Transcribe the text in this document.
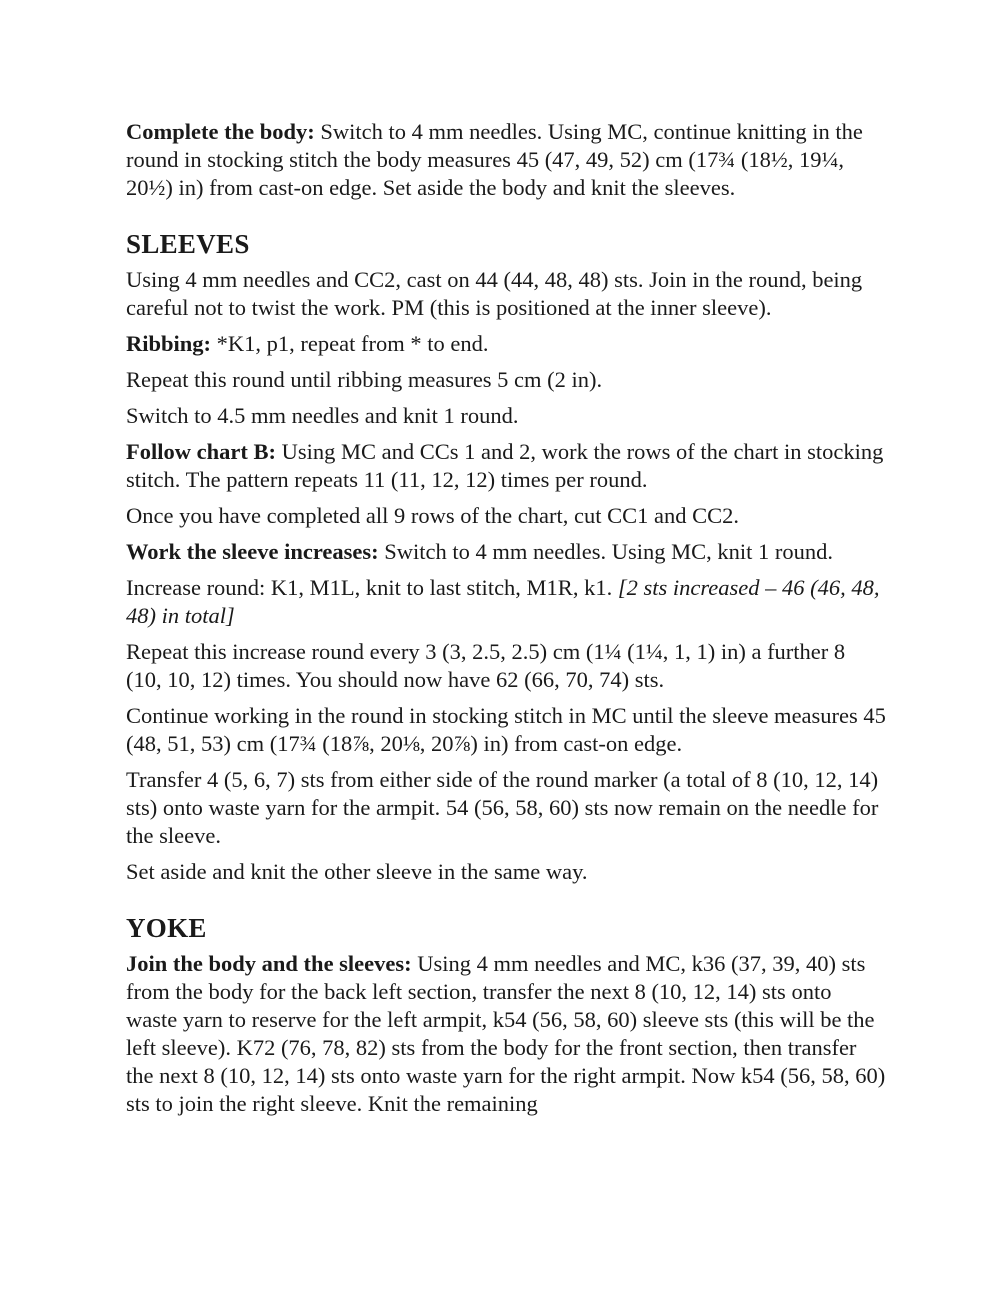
Complete the body: Switch to 4 mm needles. Using MC, continue knitting in the round in stocking stitch the body measures 45 (47, 49, 52) cm (17¾ (18½, 19¼, 20½) in) from cast-on edge. Set aside the body and knit the sleeves.

SLEEVES

Using 4 mm needles and CC2, cast on 44 (44, 48, 48) sts. Join in the round, being careful not to twist the work. PM (this is positioned at the inner sleeve).

Ribbing: *K1, p1, repeat from * to end.

Repeat this round until ribbing measures 5 cm (2 in).

Switch to 4.5 mm needles and knit 1 round.

Follow chart B: Using MC and CCs 1 and 2, work the rows of the chart in stocking stitch. The pattern repeats 11 (11, 12, 12) times per round.

Once you have completed all 9 rows of the chart, cut CC1 and CC2.

Work the sleeve increases: Switch to 4 mm needles. Using MC, knit 1 round.

Increase round: K1, M1L, knit to last stitch, M1R, k1. [2 sts increased – 46 (46, 48, 48) in total]

Repeat this increase round every 3 (3, 2.5, 2.5) cm (1¼ (1¼, 1, 1) in) a further 8 (10, 10, 12) times. You should now have 62 (66, 70, 74) sts.

Continue working in the round in stocking stitch in MC until the sleeve measures 45 (48, 51, 53) cm (17¾ (18⅞, 20⅛, 20⅞) in) from cast-on edge.

Transfer 4 (5, 6, 7) sts from either side of the round marker (a total of 8 (10, 12, 14) sts) onto waste yarn for the armpit. 54 (56, 58, 60) sts now remain on the needle for the sleeve.

Set aside and knit the other sleeve in the same way.

YOKE

Join the body and the sleeves: Using 4 mm needles and MC, k36 (37, 39, 40) sts from the body for the back left section, transfer the next 8 (10, 12, 14) sts onto waste yarn to reserve for the left armpit, k54 (56, 58, 60) sleeve sts (this will be the left sleeve). K72 (76, 78, 82) sts from the body for the front section, then transfer the next 8 (10, 12, 14) sts onto waste yarn for the right armpit. Now k54 (56, 58, 60) sts to join the right sleeve. Knit the remaining
